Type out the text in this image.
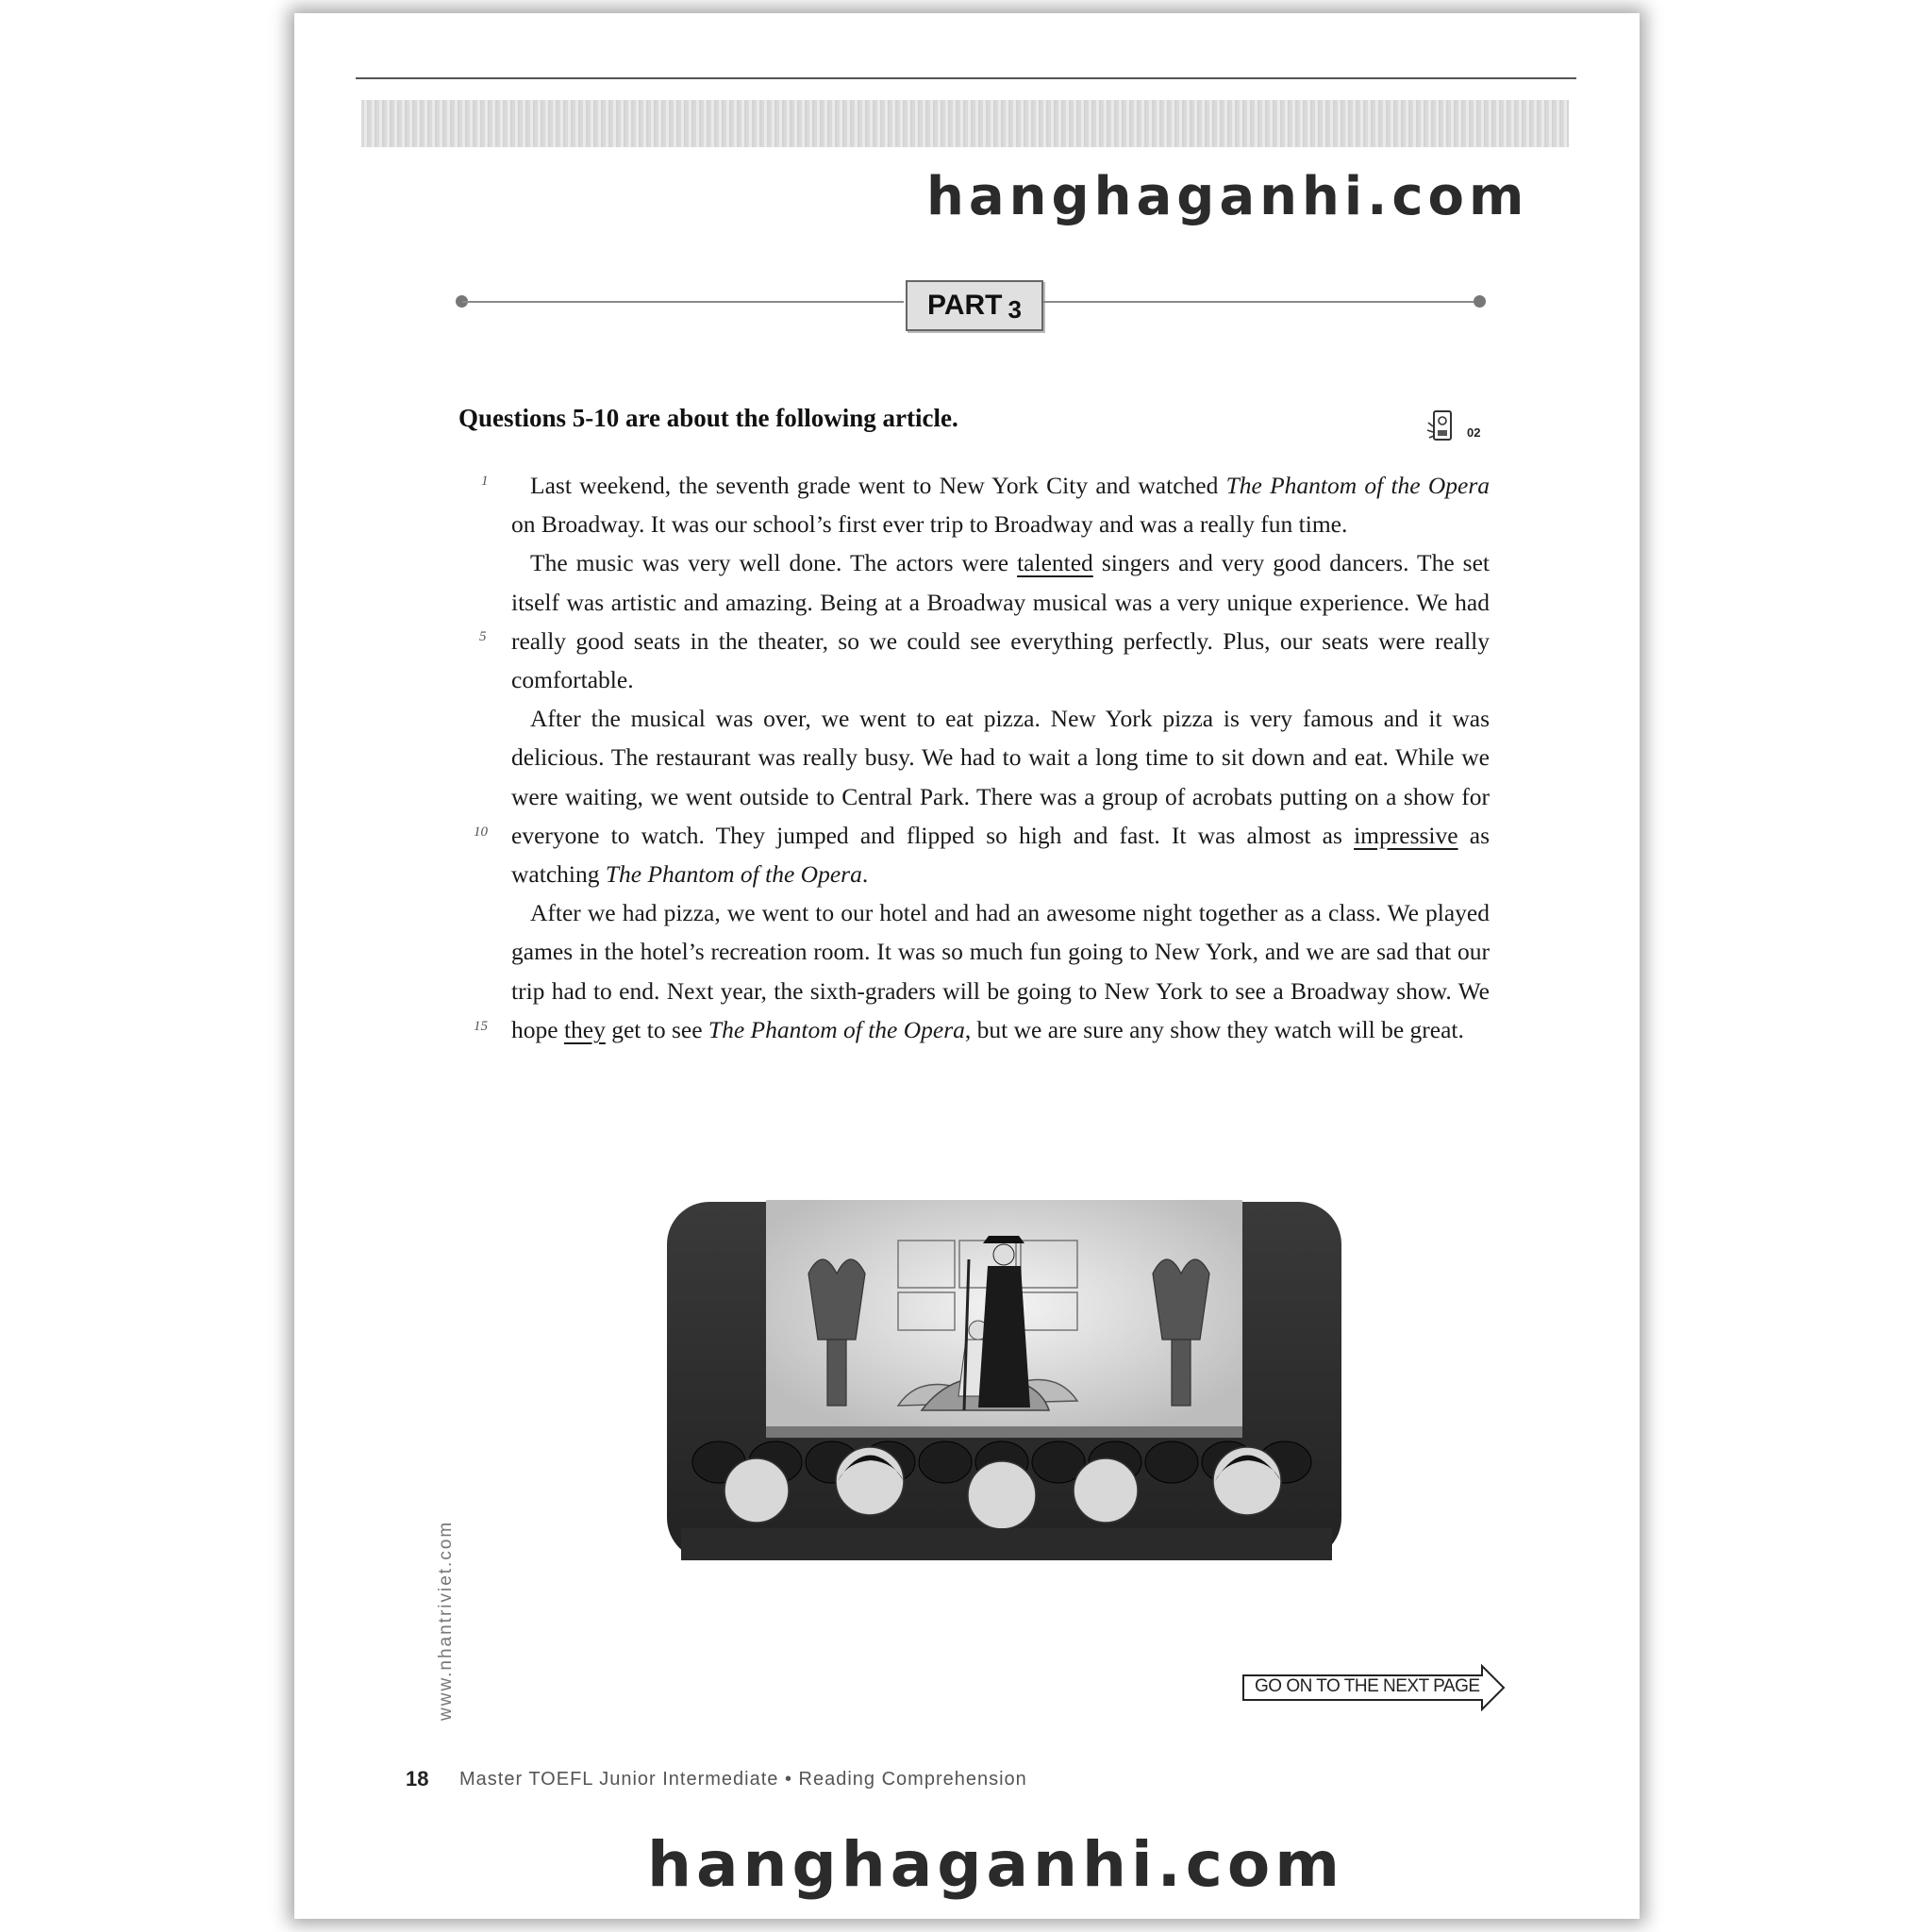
hanghaganhi.com
PART 3
Questions 5-10 are about the following article.
02
1
5
10
15

Last weekend, the seventh grade went to New York City and watched The Phantom of the Opera on Broadway. It was our school’s first ever trip to Broadway and was a really fun time.

The music was very well done. The actors were talented singers and very good dancers. The set itself was artistic and amazing. Being at a Broadway musical was a very unique experience. We had really good seats in the theater, so we could see everything perfectly. Plus, our seats were really comfortable.

After the musical was over, we went to eat pizza. New York pizza is very famous and it was delicious. The restaurant was really busy. We had to wait a long time to sit down and eat. While we were waiting, we went outside to Central Park. There was a group of acrobats putting on a show for everyone to watch. They jumped and flipped so high and fast. It was almost as impressive as watching The Phantom of the Opera.

After we had pizza, we went to our hotel and had an awesome night together as a class. We played games in the hotel’s recreation room. It was so much fun going to New York, and we are sad that our trip had to end. Next year, the sixth-graders will be going to New York to see a Broadway show. We hope they get to see The Phantom of the Opera, but we are sure any show they watch will be great.

www.nhantriviet.com	GO ON TO THE NEXT PAGE
18 Master TOEFL Junior Intermediate • Reading Comprehension
hanghaganhi.com
